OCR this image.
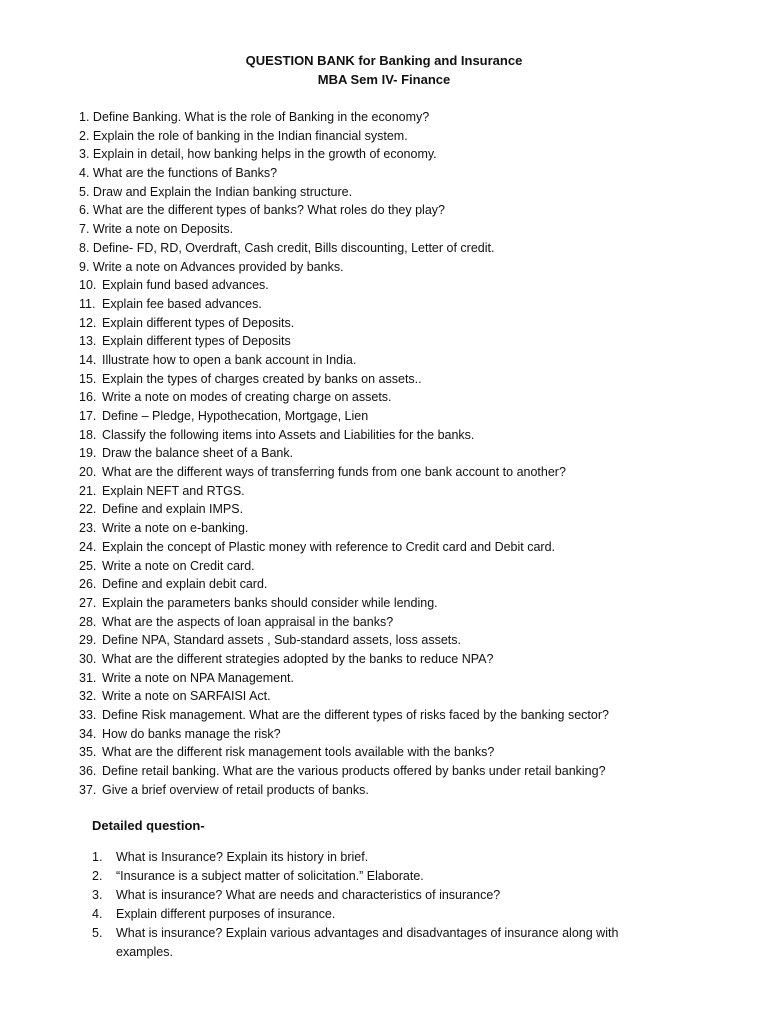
QUESTION BANK for Banking and Insurance
MBA Sem IV- Finance
1. Define Banking. What is the role of Banking in the economy?
2. Explain the role of banking in the Indian financial system.
3. Explain in detail, how banking helps in the growth of economy.
4. What are the functions of Banks?
5. Draw and Explain the Indian banking structure.
6. What are the different types of banks? What roles do they play?
7. Write a note on Deposits.
8. Define- FD, RD, Overdraft, Cash credit, Bills discounting, Letter of credit.
9. Write a note on Advances provided by banks.
10. Explain fund based advances.
11. Explain fee based advances.
12. Explain different types of Deposits.
13. Explain different types of Deposits
14. Illustrate how to open a bank account in India.
15. Explain the types of charges created by banks on assets..
16. Write a note on modes of creating charge on assets.
17. Define – Pledge, Hypothecation, Mortgage, Lien
18. Classify the following items into Assets and Liabilities for the banks.
19. Draw the balance sheet of a Bank.
20. What are the different ways of transferring funds from one bank account to another?
21. Explain NEFT and RTGS.
22. Define and explain IMPS.
23. Write a note on e-banking.
24. Explain the concept of Plastic money with reference to Credit card and Debit card.
25. Write a note on Credit card.
26. Define and explain debit card.
27. Explain the parameters banks should consider while lending.
28. What are the aspects of loan appraisal in the banks?
29. Define NPA, Standard assets , Sub-standard assets, loss assets.
30. What are the different strategies adopted by the banks to reduce NPA?
31. Write a note on NPA Management.
32. Write a note on SARFAISI Act.
33. Define Risk management. What are the different types of risks faced by the banking sector?
34. How do banks manage the risk?
35. What are the different risk management tools available with the banks?
36. Define retail banking. What are the various products offered by banks under retail banking?
37. Give a brief overview of retail products of banks.
Detailed question-
1. What is Insurance? Explain its history in brief.
2. “Insurance is a subject matter of solicitation.” Elaborate.
3. What is insurance? What are needs and characteristics of insurance?
4. Explain different purposes of insurance.
5. What is insurance? Explain various advantages and disadvantages of insurance along with examples.
